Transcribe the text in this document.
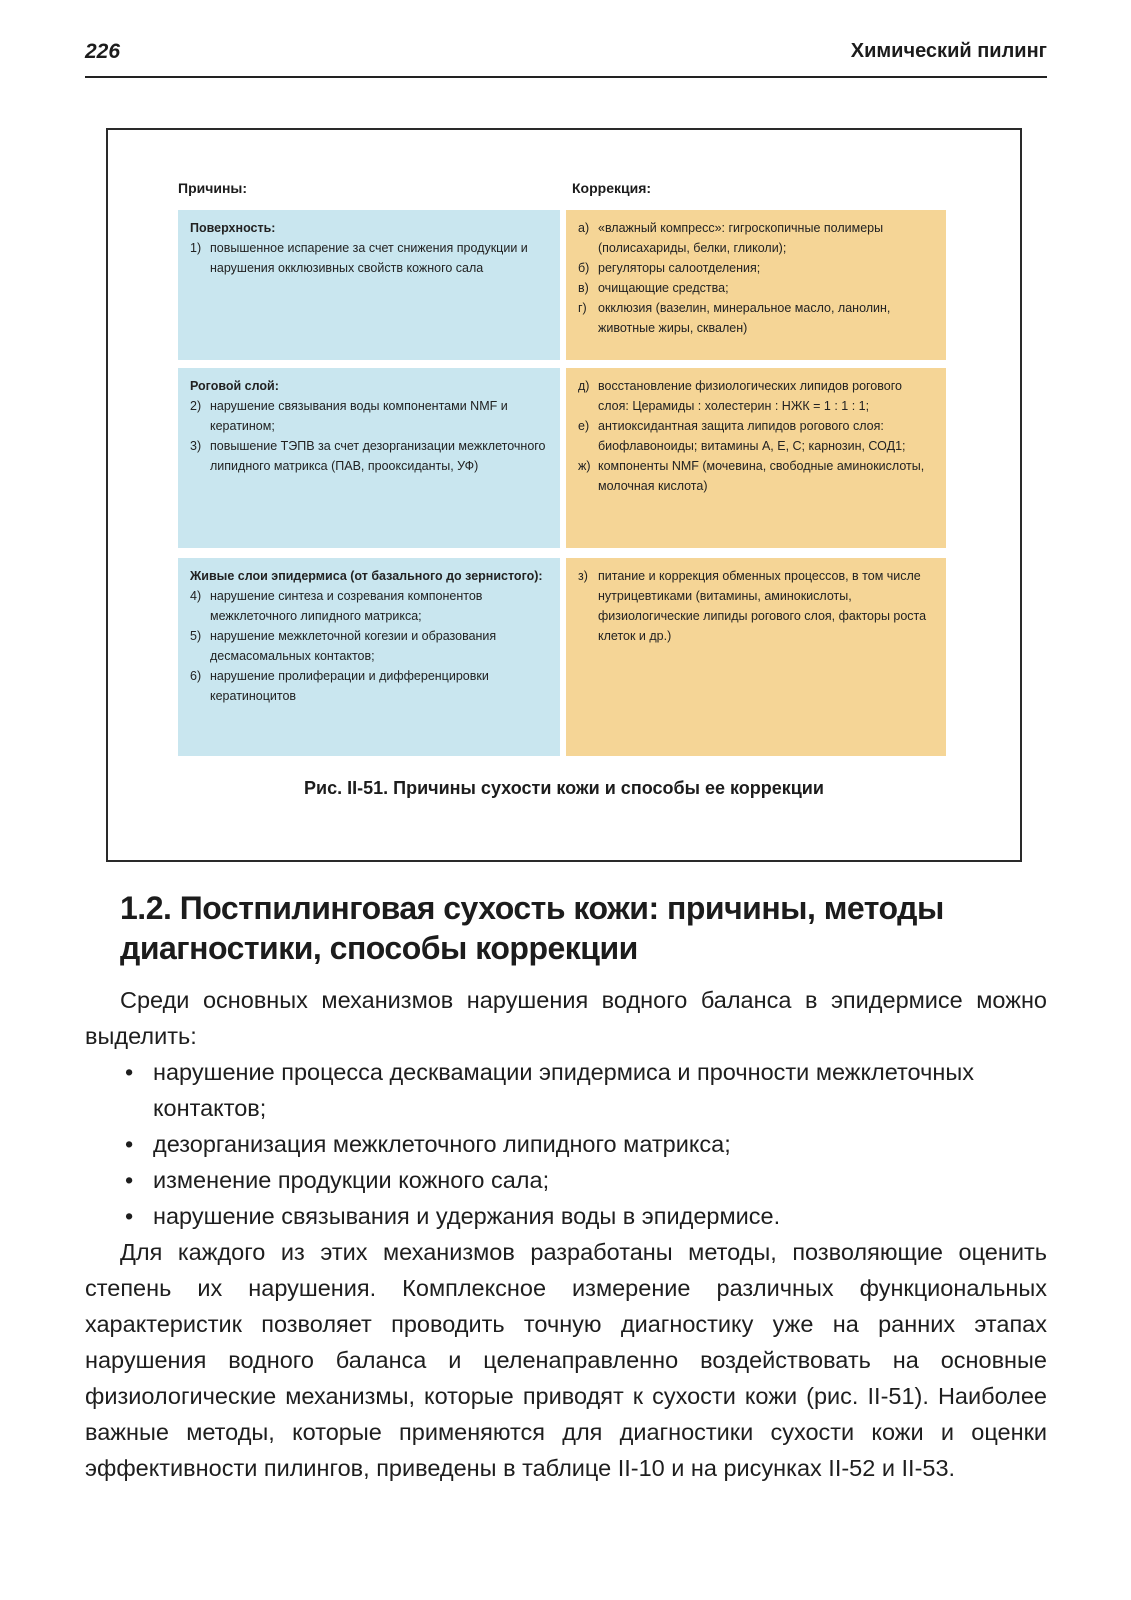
226	Химический пилинг
Причины:	Коррекция:
Поверхность:
1) повышенное испарение за счет снижения продукции и нарушения окклюзивных свойств кожного сала
а) «влажный компресс»: гигроскопичные полимеры (полисахариды, белки, гликоли);
б) регуляторы салоотделения;
в) очищающие средства;
г) окклюзия (вазелин, минеральное масло, ланолин, животные жиры, сквален)
Роговой слой:
2) нарушение связывания воды компонентами NMF и кератином;
3) повышение ТЭПВ за счет дезорганизации межклеточного липидного матрикса (ПАВ, прооксиданты, УФ)
д) восстановление физиологических липидов рогового слоя: Церамиды : холестерин : НЖК = 1 : 1 : 1;
е) антиоксидантная защита липидов рогового слоя: биофлавоноиды; витамины А, Е, С; карнозин, СОД1;
ж) компоненты NMF (мочевина, свободные аминокислоты, молочная кислота)
Живые слои эпидермиса (от базального до зернистого):
4) нарушение синтеза и созревания компонентов межклеточного липидного матрикса;
5) нарушение межклеточной когезии и образования десмасомальных контактов;
6) нарушение пролиферации и дифференцировки кератиноцитов
з) питание и коррекция обменных процессов, в том числе нутрицевтиками (витамины, аминокислоты, физиологические липиды рогового слоя, факторы роста клеток и др.)
Рис. II-51. Причины сухости кожи и способы ее коррекции
1.2. Постпилинговая сухость кожи: причины, методы диагностики, способы коррекции

Среди основных механизмов нарушения водного баланса в эпидермисе можно выделить:

• нарушение процесса десквамации эпидермиса и прочности межклеточных контактов;
• дезорганизация межклеточного липидного матрикса;
• изменение продукции кожного сала;
• нарушение связывания и удержания воды в эпидермисе.

Для каждого из этих механизмов разработаны методы, позволяющие оценить степень их нарушения. Комплексное измерение различных функциональных характеристик позволяет проводить точную диагностику уже на ранних этапах нарушения водного баланса и целенаправленно воздействовать на основные физиологические механизмы, которые приводят к сухости кожи (рис. II-51). Наиболее важные методы, которые применяются для диагностики сухости кожи и оценки эффективности пилингов, приведены в таблице II-10 и на рисунках II-52 и II-53.
